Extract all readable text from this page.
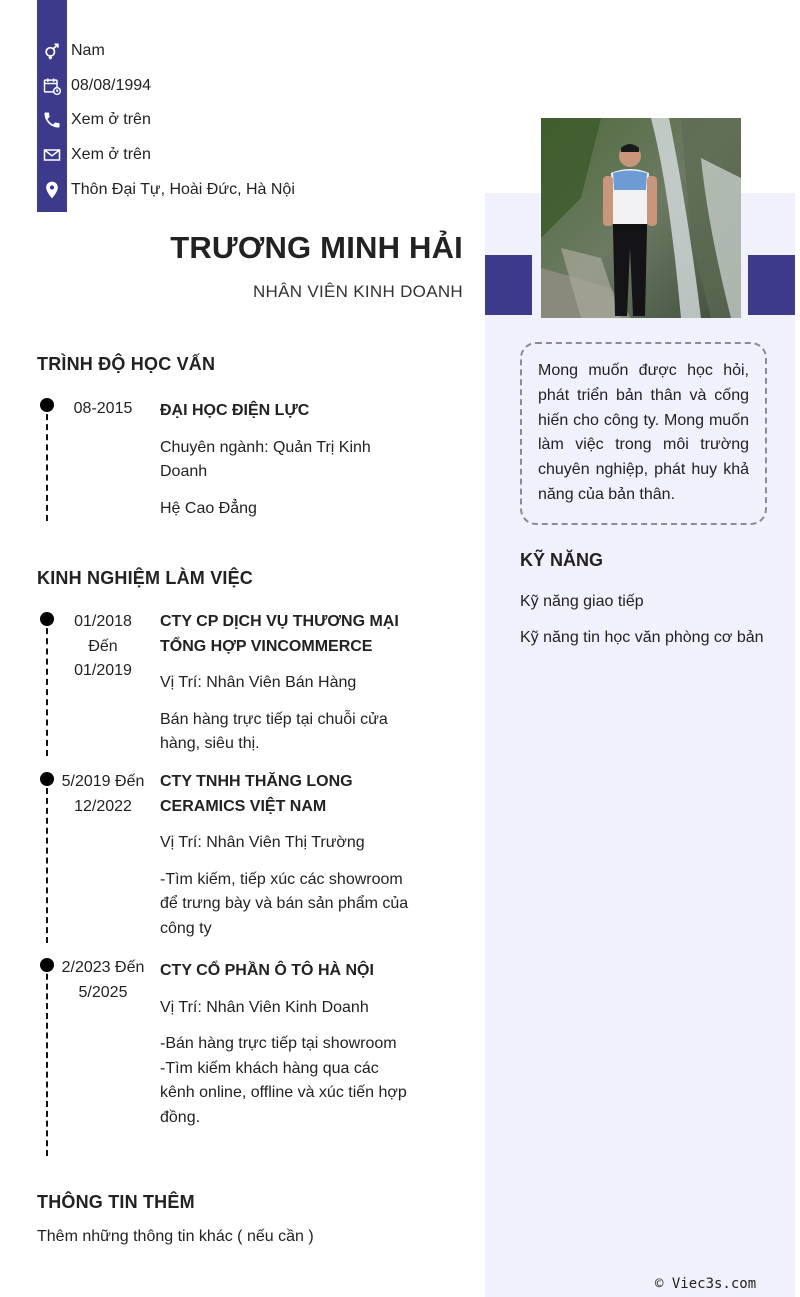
Nam
08/08/1994
Xem ở trên
Xem ở trên
Thôn Đại Tự, Hoài Đức, Hà Nội
TRƯƠNG MINH HẢI
NHÂN VIÊN KINH DOANH
Mong muốn được học hỏi, phát triển bản thân và cống hiến cho công ty. Mong muốn làm việc trong môi trường chuyên nghiệp, phát huy khả năng của bản thân.
KỸ NĂNG
Kỹ năng giao tiếp
Kỹ năng tin học văn phòng cơ bản
© Viec3s.com
TRÌNH ĐỘ HỌC VẤN
08-2015	ĐẠI HỌC ĐIỆN LỰC

Chuyên ngành: Quản Trị Kinh Doanh

Hệ Cao Đẳng

KINH NGHIỆM LÀM VIỆC
01/2018
Đến
01/2019

CTY CP DỊCH VỤ THƯƠNG MẠI TỔNG HỢP VINCOMMERCE

Vị Trí: Nhân Viên Bán Hàng

Bán hàng trực tiếp tại chuỗi cửa hàng, siêu thị.

5/2019 Đến 12/2022

CTY TNHH THĂNG LONG CERAMICS VIỆT NAM

Vị Trí: Nhân Viên Thị Trường

-Tìm kiếm, tiếp xúc các showroom để trưng bày và bán sản phẩm của công ty

2/2023 Đến 5/2025

CTY CỔ PHẦN Ô TÔ HÀ NỘI

Vị Trí: Nhân Viên Kinh Doanh

-Bán hàng trực tiếp tại showroom
-Tìm kiếm khách hàng qua các kênh online, offline và xúc tiến hợp đồng.

THÔNG TIN THÊM
Thêm những thông tin khác ( nếu cần )
